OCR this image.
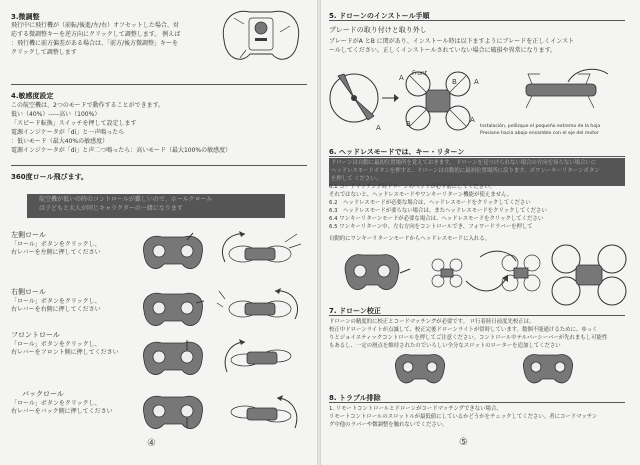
3.微調整
飛行中に飛行機が（前転/後進/左/右）オフセットした場合、対
応する微調整キーを逆方向にクリックして調整します。 例えば
：飛行機に前方偏差がある場合は、「前方/後方微調整」キーを
クリックして調整します
4.敏感度設定
この航空機は、2つのモードで動作することができます。
低い（40%）-----高い（100%）
「スピード転換」スイッチを押して設定します
電源インジケータが「di」と一声鳴ったら
：低いモード（最大40%の敏感度）
電源インジケータが「di」と声二つ鳴ったら：高いモード（最大100%の敏感度）
360度ロール飛びます。
航空機が低いの時のコントロールが難しいので、ホールクロール
は子どもと大人が同じキャラクターの一緒になります
左側ロール
「ロール」ボタンをクリックし、
右レバーを左側に押してください
右側ロール
「ロール」ボタンをクリックし、
右レバーを右側に押してください
フロントロール
「ロール」ボタンをクリックし、
右レバーをフロント側に押してください
バックロール
「ロール」ボタンをクリックし、
右レバーをバック側に押してください
④
5. ドローンのインストール手順
ブレードの取り付けと取り外し
ブレードがA とB に関があり、インストール時は以下ますようにブレードを正しくインスト
ールしてください。正しくインストールされていない場合に破損や異常になります。
Front
A	B
B
A
A
A
Instalación, pellizque el pequeño extremo de la hoja
Presione hacia abajo ensamble con el eje del motor
6. ヘッドレスモードでは、キー・リターン
ドローンは自動に最初位置場所を覚えておきます。 ドローンを見つけられない場合の方向を知らない場合いに
ヘッドレスモードボタンを押すと、ドローンは自動的に最初位置場所に戻ります。ボワンーキーリターンボタン
を押して ください。
6.1 コードマッチング時ドローンのヘッドが必ず前にしてください。
それではないと、ヘッドレスモードやワンキーリターン機能が使えません。
6.2　ヘッドレスモードが必要な場合は、ヘッドレスモードをクリックしてください
6.3　ヘッドレスモードが要らない場合は、またヘッドレスモードをクリックしてください
6.4 ワンキーリターンモードが必要な場合は、ヘッドレスモードをクリックしてください
6.5 ワンキーリターン中、左右方向をコントロールでき、フォワードラバーを押して
自動的にワンキーリターンモードからヘッドレスモードに入れる。
7. ドローン校正
ドローンの精度的に校正とコードマッチングが必要です。 ロ行着陸日前度先校正は。
校正中ドローンライトが点滅して、校正完後ドローンライトが常時しています。数個不能通けるために、ゆっく
りとジョイスティックコントロールを押してご注意ください。コントロール中テルバーシーバーが先れまもし可能性
もあるし、一定の層点を維持されたのでいろしい全分なスロットのローターを追加してください
8. トラブル排除
1. リモートコントロールとドローンがコードマッチングできない場合、
リモートコントロールのスロットルが最低値にしているかどうかをチェックしてください。者にコードマッチン
グ中他のラバーや微調整を触れないでください。
⑤
